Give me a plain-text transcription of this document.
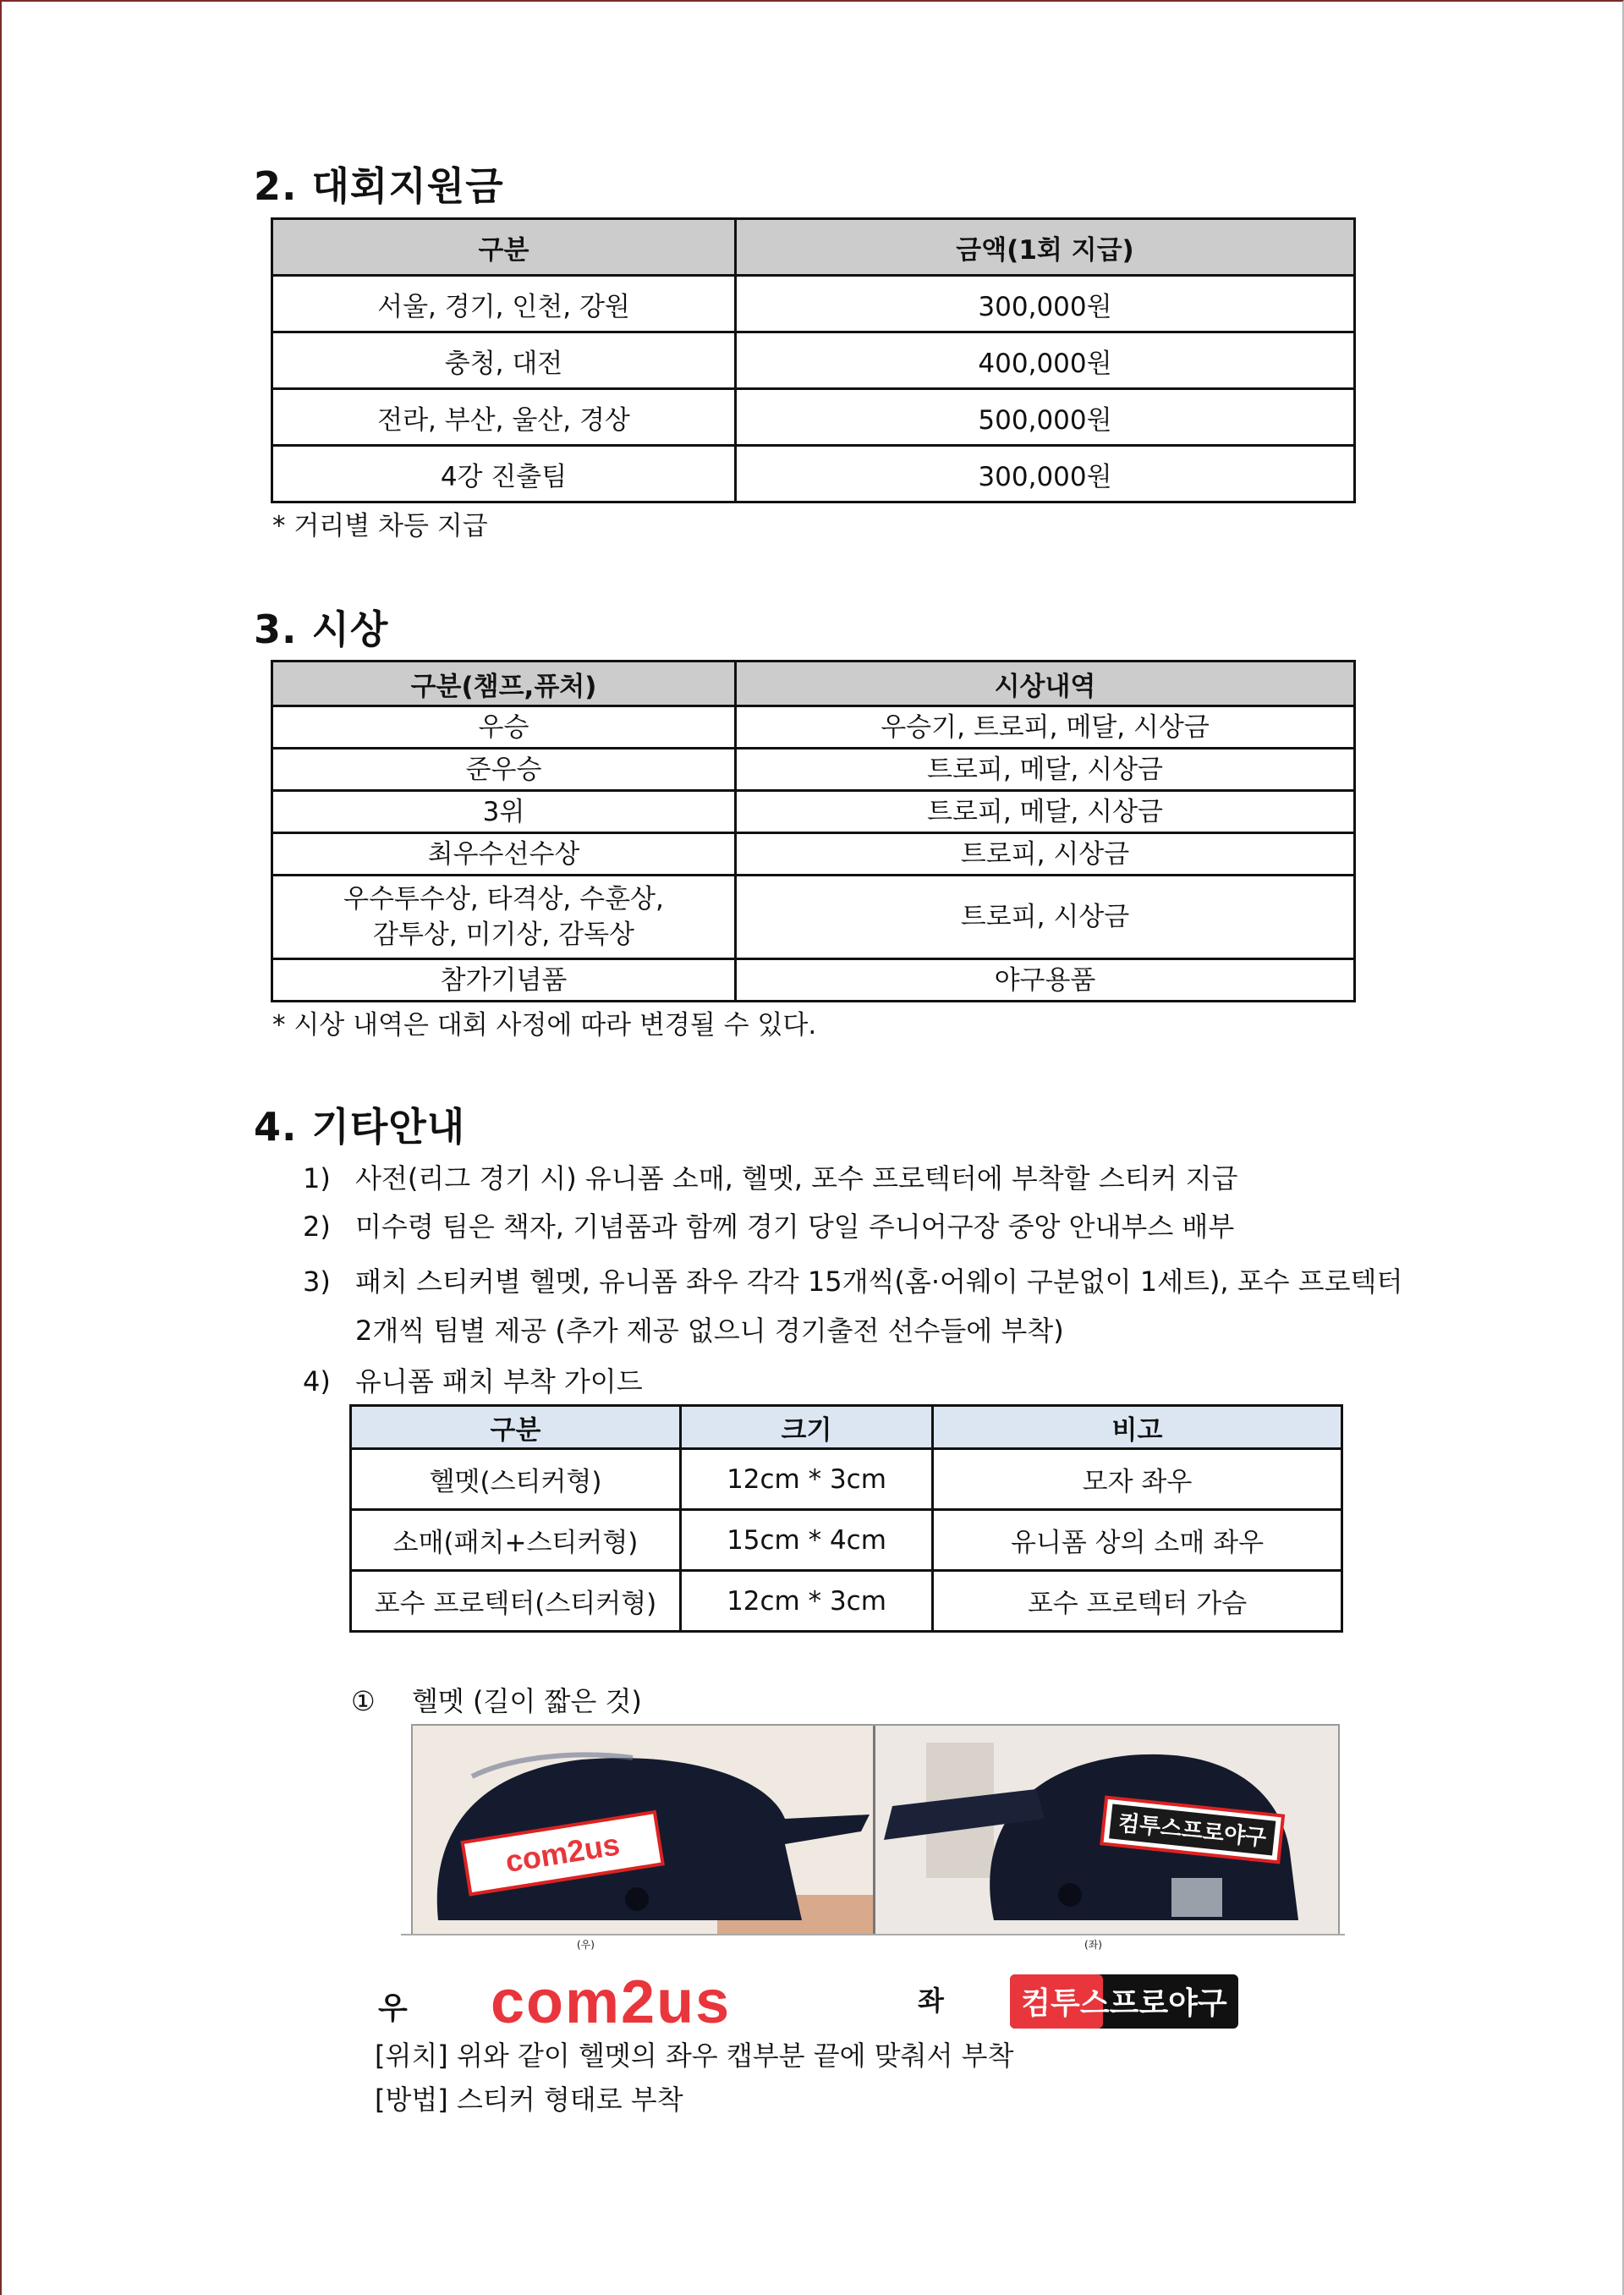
2. 대회지원금
구분	금액(1회 지급)
서울, 경기, 인천, 강원	300,000원
충청, 대전	400,000원
전라, 부산, 울산, 경상	500,000원
4강 진출팀	300,000원
* 거리별 차등 지급
3. 시상
구분(챔프,퓨처)	시상내역
우승	우승기, 트로피, 메달, 시상금
준우승	트로피, 메달, 시상금
3위	트로피, 메달, 시상금
최우수선수상	트로피, 시상금

우수투수상, 타격상, 수훈상,
감투상, 미기상, 감독상	트로피, 시상금
참가기념품	야구용품
* 시상 내역은 대회 사정에 따라 변경될 수 있다.
4. 기타안내
1) 사전(리그 경기 시) 유니폼 소매, 헬멧, 포수 프로텍터에 부착할 스티커 지급
2) 미수령 팀은 책자, 기념품과 함께 경기 당일 주니어구장 중앙 안내부스 배부
3) 패치 스티커별 헬멧, 유니폼 좌우 각각 15개씩(홈·어웨이 구분없이 1세트), 포수 프로텍터
2개씩 팀별 제공 (추가 제공 없으니 경기출전 선수들에 부착)
4) 유니폼 패치 부착 가이드
구분	크기	비고
헬멧(스티커형)	12cm * 3cm	모자 좌우
소매(패치+스티커형)	15cm * 4cm	유니폼 상의 소매 좌우
포수 프로텍터(스티커형)	12cm * 3cm	포수 프로텍터 가슴
① 헬멧 (길이 짧은 것)
com2us	컴투스프로야구
(우)	(좌)
우 com2us	좌	컴투스프로야구
[위치] 위와 같이 헬멧의 좌우 캡부분 끝에 맞춰서 부착
[방법] 스티커 형태로 부착
